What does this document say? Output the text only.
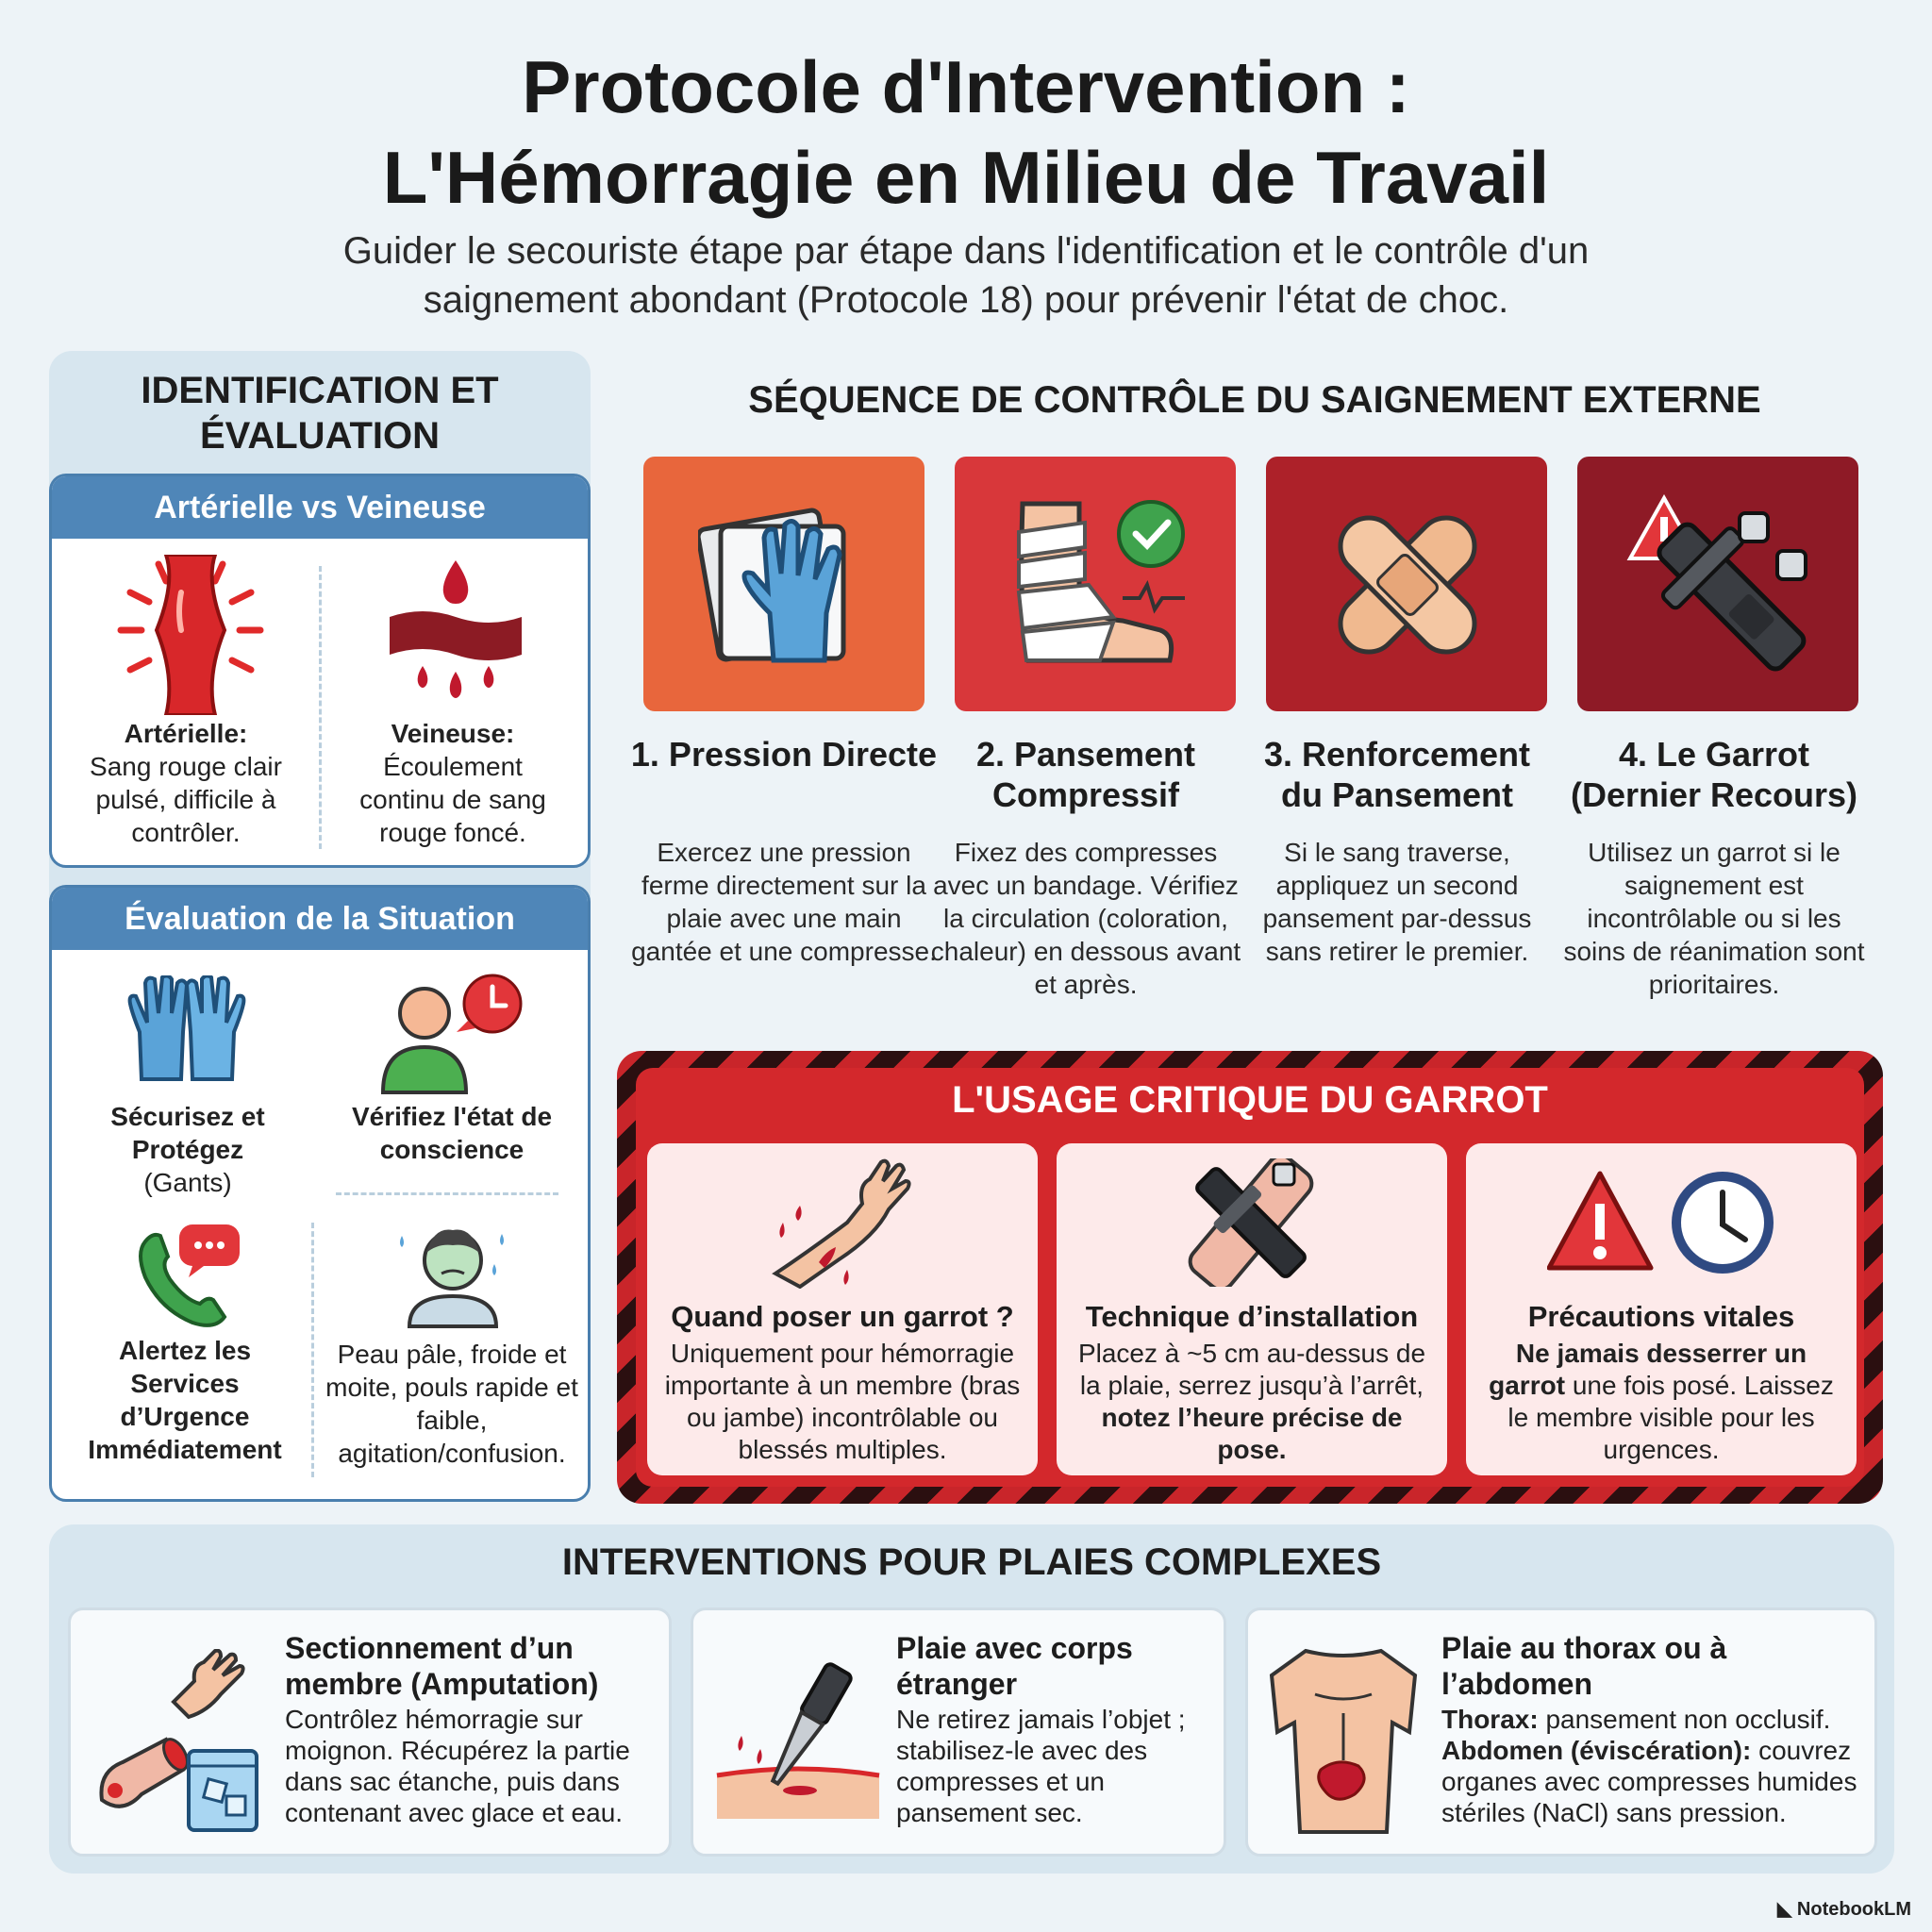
Protocole d'Intervention :
L'Hémorragie en Milieu de Travail
Guider le secouriste étape par étape dans l'identification et le contrôle d'un
saignement abondant (Protocole 18) pour prévenir l'état de choc.
IDENTIFICATION ET
ÉVALUATION
Artérielle vs Veineuse
Artérielle:
Sang rouge clair pulsé, difficile à contrôler.
Veineuse:
Écoulement continu de sang rouge foncé.
Évaluation de la Situation
Sécurisez et Protégez
(Gants)
Vérifiez l'état de conscience
Alertez les Services d’Urgence Immédiatement
Peau pâle, froide et moite, pouls rapide et faible, agitation/confusion.
SÉQUENCE DE CONTRÔLE DU SAIGNEMENT EXTERNE
1. Pression Directe	2. Pansement Compressif
3. Renforcement du Pansement
4. Le Garrot (Dernier Recours)
Exercez une pression ferme directement sur la plaie avec une main gantée et une compresse.
Fixez des compresses avec un bandage. Vérifiez la circulation (coloration, chaleur) en dessous avant et après.
Si le sang traverse, appliquez un second pansement par-dessus sans retirer le premier.
Utilisez un garrot si le saignement est incontrôlable ou si les soins de réanimation sont prioritaires.
L'USAGE CRITIQUE DU GARROT
Quand poser un garrot ?
Uniquement pour hémorragie importante à un membre (bras ou jambe) incontrôlable ou blessés multiples.
Technique d’installation
Placez à ~5 cm au-dessus de la plaie, serrez jusqu’à l’arrêt, notez l’heure précise de pose.
Précautions vitales
Ne jamais desserrer un garrot une fois posé. Laissez le membre visible pour les urgences.
INTERVENTIONS POUR PLAIES COMPLEXES
Sectionnement d’un membre (Amputation)
Contrôlez hémorragie sur moignon. Récupérez la partie dans sac étanche, puis dans contenant avec glace et eau.
Plaie avec corps étranger
Ne retirez jamais l’objet ; stabilisez-le avec des compresses et un pansement sec.
Plaie au thorax ou à l’abdomen
Thorax: pansement non occlusif.
Abdomen (éviscération): couvrez organes avec compresses humides stériles (NaCl) sans pression.
◣ NotebookLM
